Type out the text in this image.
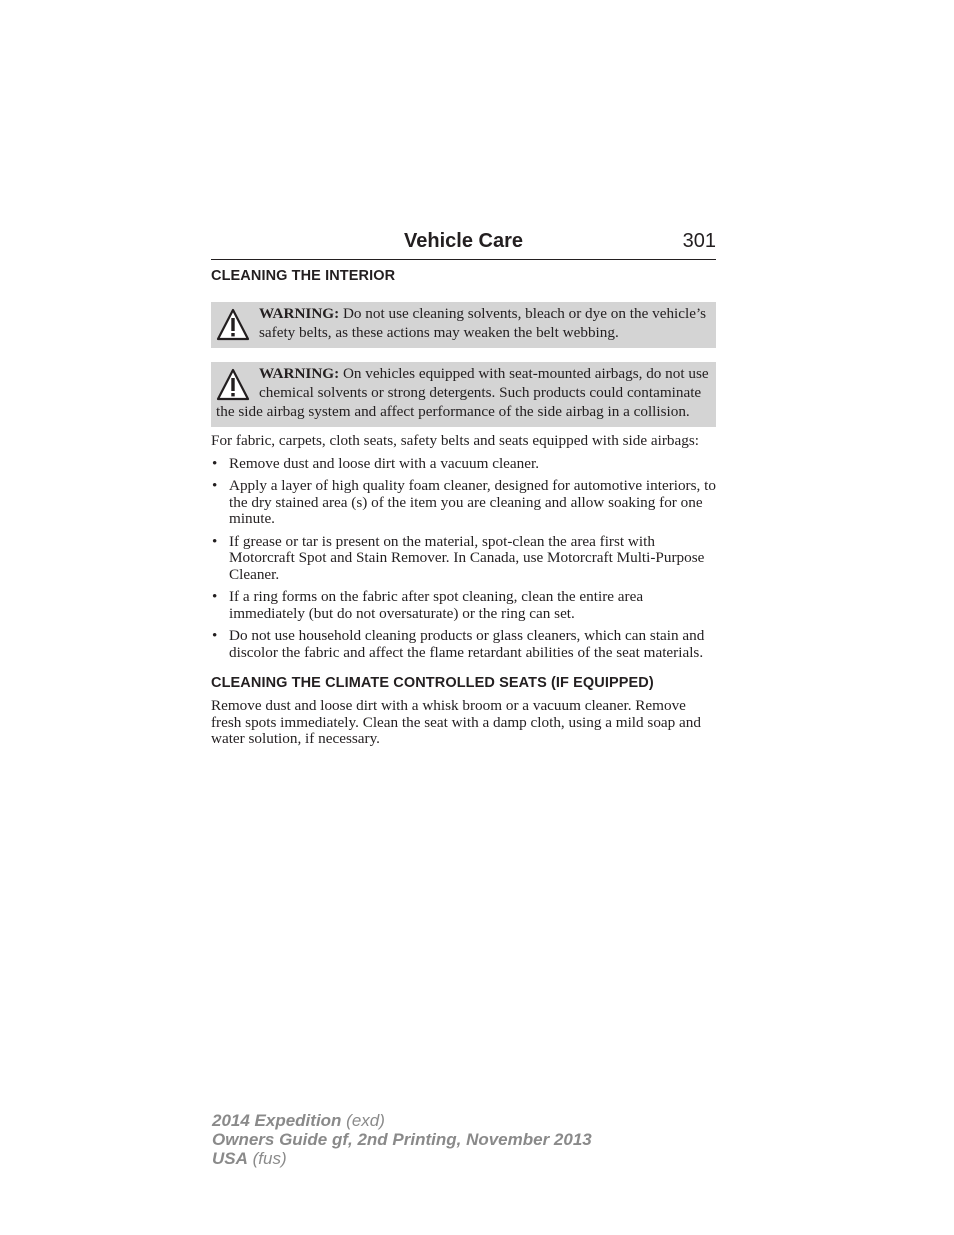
Vehicle Care	301
CLEANING THE INTERIOR
WARNING: Do not use cleaning solvents, bleach or dye on the vehicle’s safety belts, as these actions may weaken the belt webbing.
WARNING: On vehicles equipped with seat-mounted airbags, do not use chemical solvents or strong detergents. Such products could contaminate the side airbag system and affect performance of the side airbag in a collision.

For fabric, carpets, cloth seats, safety belts and seats equipped with side airbags:

• Remove dust and loose dirt with a vacuum cleaner.
• Apply a layer of high quality foam cleaner, designed for automotive interiors, to the dry stained area (s) of the item you are cleaning and allow soaking for one minute.
• If grease or tar is present on the material, spot-clean the area first with Motorcraft Spot and Stain Remover. In Canada, use Motorcraft Multi-Purpose Cleaner.
• If a ring forms on the fabric after spot cleaning, clean the entire area immediately (but do not oversaturate) or the ring can set.
• Do not use household cleaning products or glass cleaners, which can stain and discolor the fabric and affect the flame retardant abilities of the seat materials.
CLEANING THE CLIMATE CONTROLLED SEATS (IF EQUIPPED)

Remove dust and loose dirt with a whisk broom or a vacuum cleaner. Remove fresh spots immediately. Clean the seat with a damp cloth, using a mild soap and water solution, if necessary.

2014 Expedition (exd)
Owners Guide gf, 2nd Printing, November 2013
USA (fus)
